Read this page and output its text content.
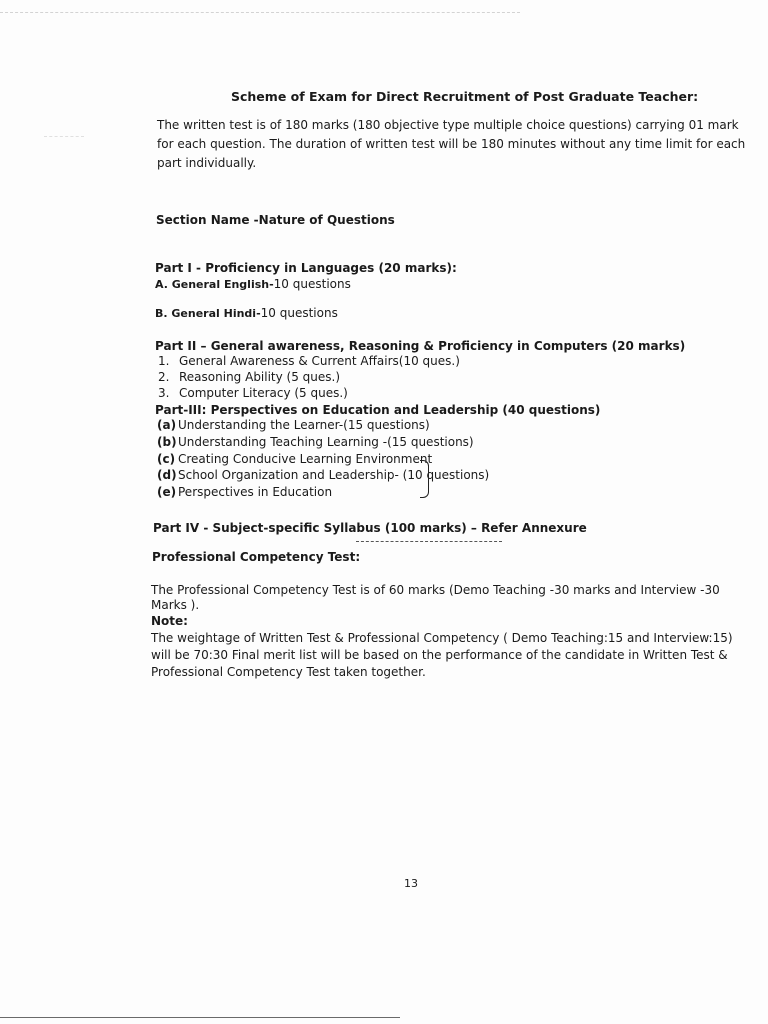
Scheme of Exam for Direct Recruitment of Post Graduate Teacher:
The written test is of 180 marks (180 objective type multiple choice questions) carrying 01 mark
for each question. The duration of written test will be 180 minutes without any time limit for each
part individually.
Section Name -Nature of Questions
Part I - Proficiency in Languages (20 marks):
A. General English-10 questions
B. General Hindi-10 questions
Part II – General awareness, Reasoning & Proficiency in Computers (20 marks)
1. General Awareness & Current Affairs(10 ques.)
2. Reasoning Ability (5 ques.)
3. Computer Literacy (5 ques.)
Part-III: Perspectives on Education and Leadership (40 questions)
(a) Understanding the Learner-(15 questions)
(b)Understanding Teaching Learning -(15 questions)
(c) Creating Conducive Learning Environment
(d)School Organization and Leadership- (10 questions)
(e) Perspectives in Education
Part IV - Subject-specific Syllabus (100 marks) – Refer Annexure
Professional Competency Test:
The Professional Competency Test is of 60 marks (Demo Teaching -30 marks and Interview -30
Marks ).
Note:
The weightage of Written Test & Professional Competency ( Demo Teaching:15 and Interview:15)
will be 70:30 Final merit list will be based on the performance of the candidate in Written Test &
Professional Competency Test taken together.
13
